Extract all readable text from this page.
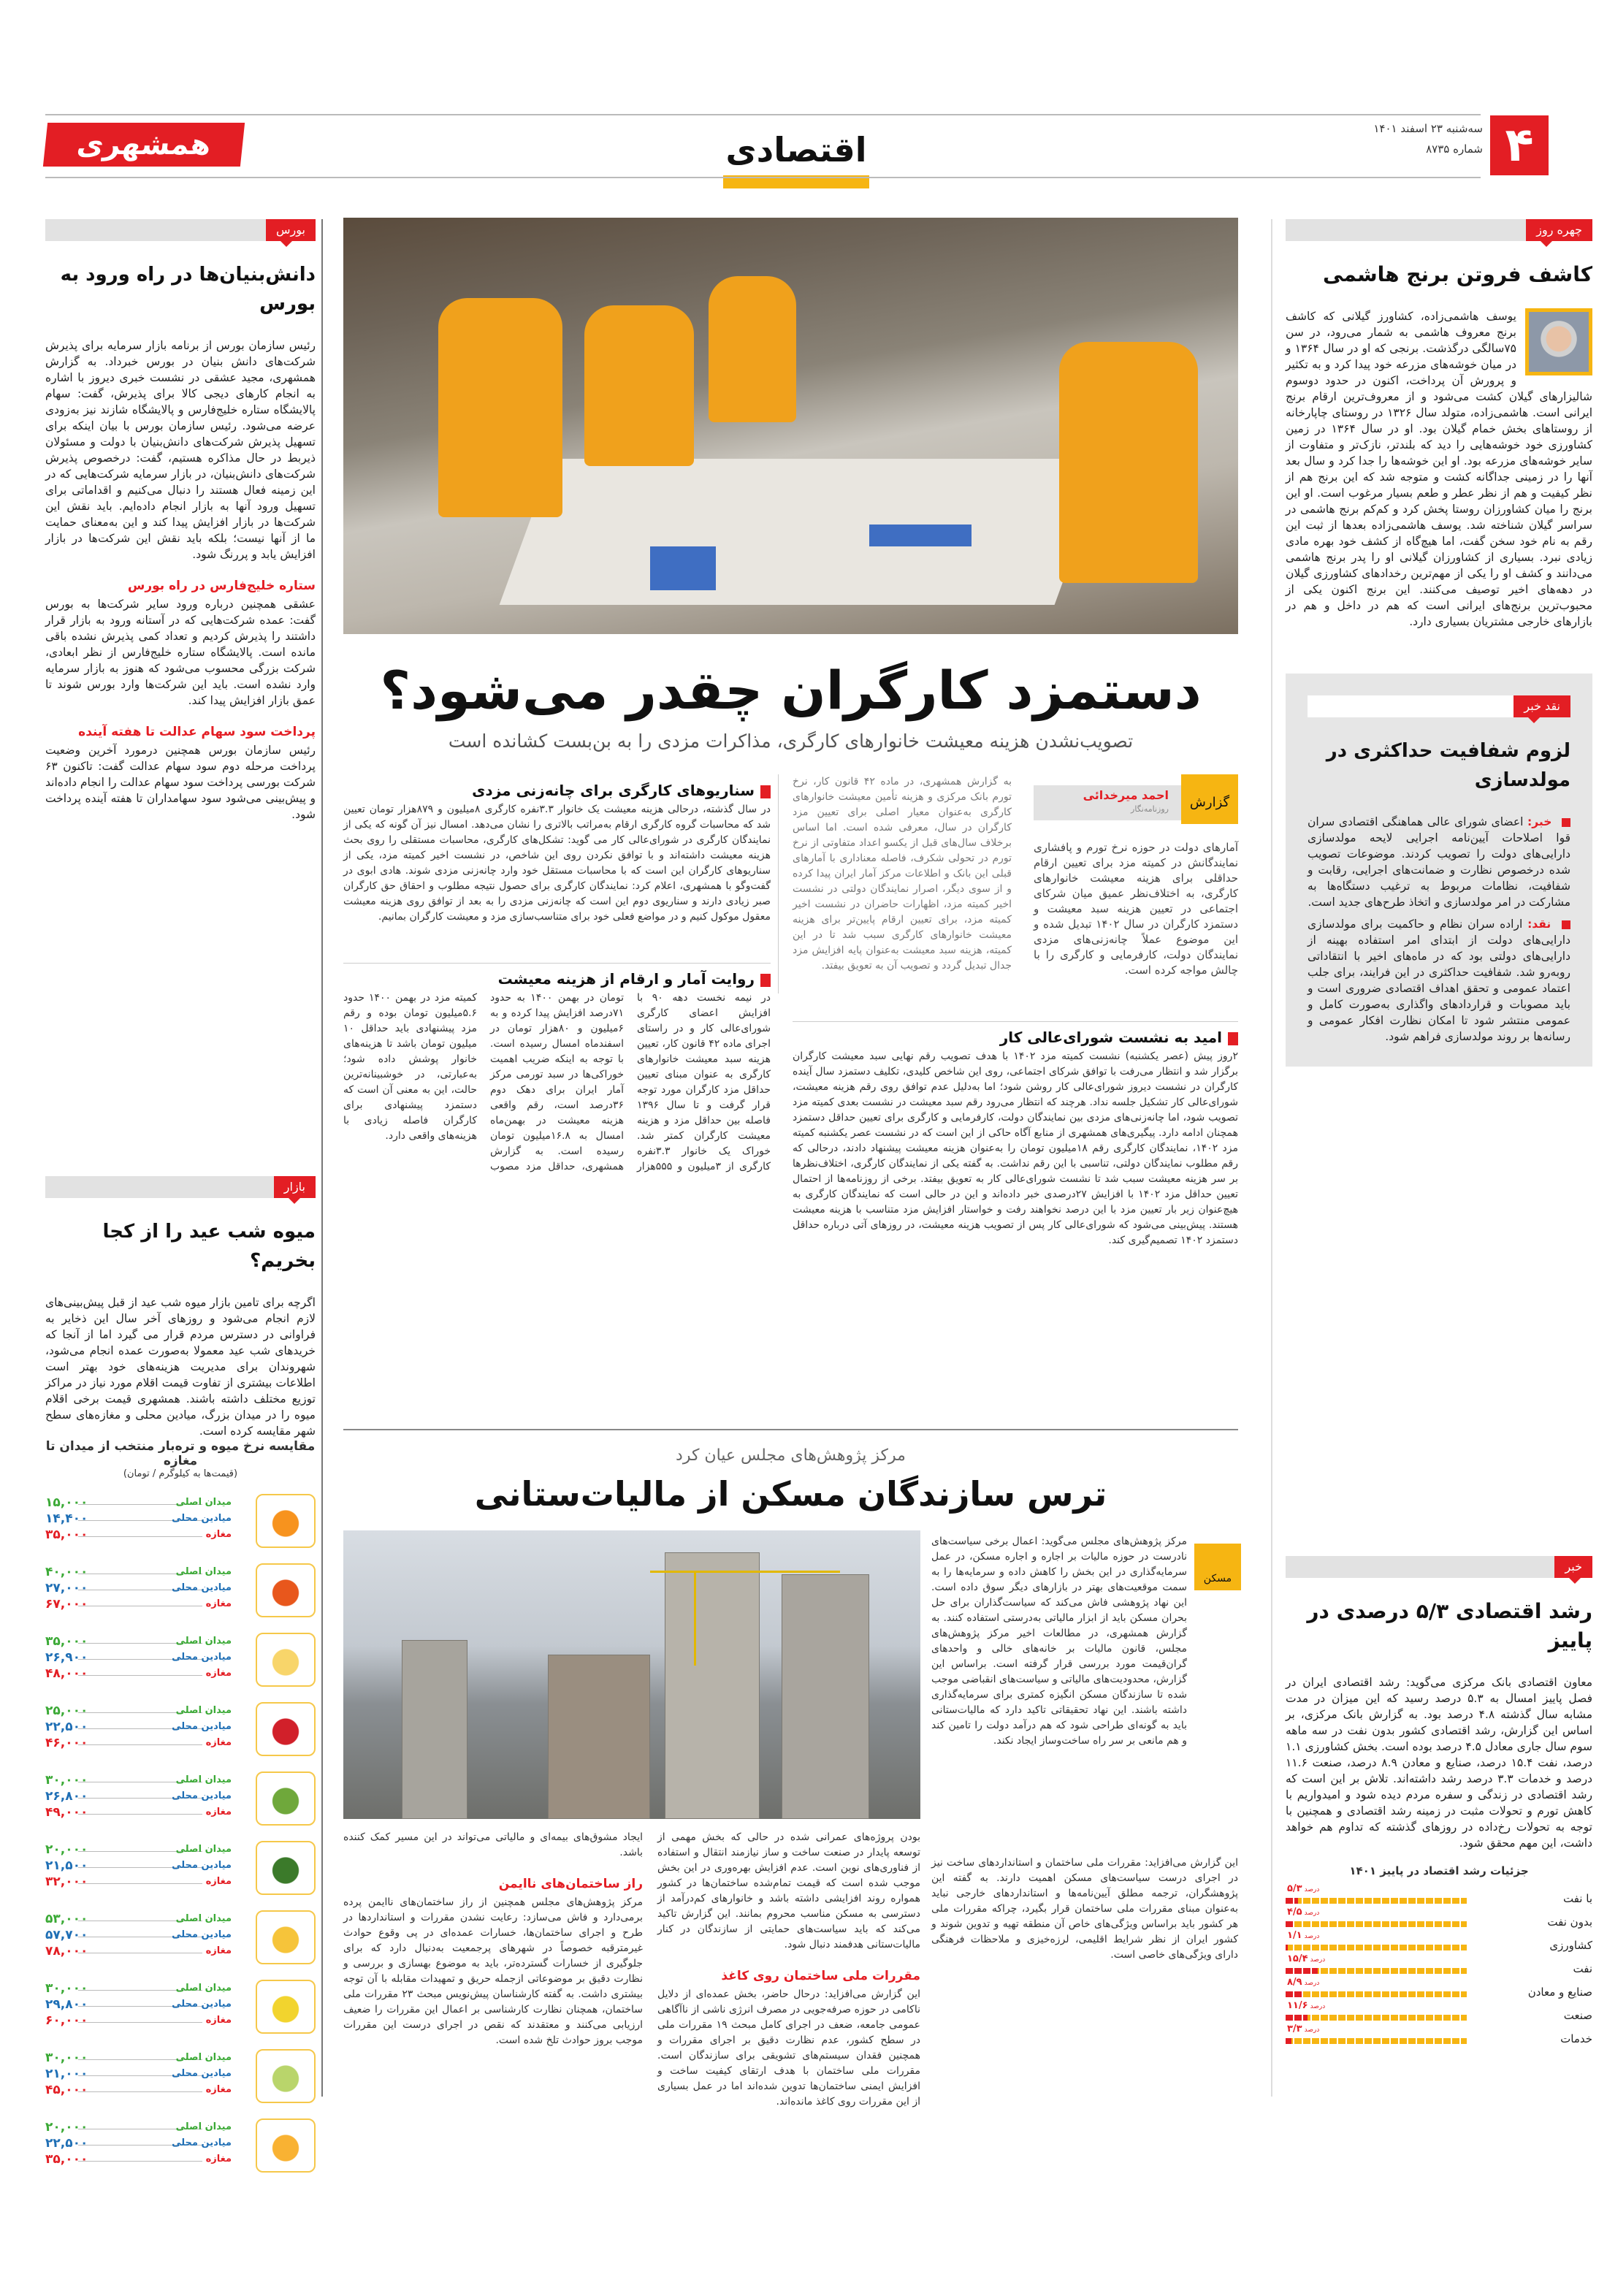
۴
سه‌شنبه ۲۳ اسفند ۱۴۰۱
شماره ۸۷۳۵
اقتصادی
همشهری
چهره روز
کاشف فروتن برنج هاشمی

یوسف هاشمی‌زاده، کشاورز گیلانی که کاشف برنج معروف هاشمی به شمار می‌رود، در سن ۷۵سالگی درگذشت. برنجی که او در سال ۱۳۶۴ و در میان خوشه‌های مزرعه خود پیدا کرد و به تکثیر و پرورش آن پرداخت، اکنون در حدود دوسوم شالیزارهای گیلان کشت می‌شود و از معروف‌ترین ارقام برنج ایرانی است. هاشمی‌زاده، متولد سال ۱۳۲۶ در روستای چاپارخانه از روستاهای بخش خمام گیلان بود. او در سال ۱۳۶۴ در زمین کشاورزی خود خوشه‌هایی را دید که بلندتر، نازک‌تر و متفاوت از سایر خوشه‌های مزرعه بود. او این خوشه‌ها را جدا کرد و سال بعد آنها را در زمینی جداگانه کشت و متوجه شد که این برنج هم از نظر کیفیت و هم از نظر عطر و طعم بسیار مرغوب است. او این برنج را میان کشاورزان روستا پخش کرد و کم‌کم برنج هاشمی در سراسر گیلان شناخته شد. یوسف هاشمی‌زاده بعدها از ثبت این رقم به نام خود سخن گفت، اما هیچ‌گاه از کشف خود بهره مادی زیادی نبرد. بسیاری از کشاورزان گیلانی او را پدر برنج هاشمی می‌دانند و کشف او را یکی از مهم‌ترین رخدادهای کشاورزی گیلان در دهه‌های اخیر توصیف می‌کنند. این برنج اکنون یکی از محبوب‌ترین برنج‌های ایرانی است که هم در داخل و هم در بازارهای خارجی مشتریان بسیاری دارد.

نقد خبر
لزوم شفافیت حداکثری در مولدسازی

خبر: اعضای شورای عالی هماهنگی اقتصادی سران قوا اصلاحات آیین‌نامه اجرایی لایحه مولدسازی دارایی‌های دولت را تصویب کردند. موضوعات تصویب شده درخصوص نظارت و ضمانت‌های اجرایی، رقابت و شفافیت، نظامات مربوط به ترغیب دستگاه‌ها به مشارکت در امر مولدسازی و اتخاذ طرح‌های جدید است.

نقد: اراده سران نظام و حاکمیت برای مولدسازی دارایی‌های دولت از ابتدای امر استفاده بهینه از دارایی‌های دولتی بود که در ماه‌های اخیر با انتقاداتی روبه‌رو شد. شفافیت حداکثری در این فرایند، برای جلب اعتماد عمومی و تحقق اهداف اقتصادی ضروری است و باید مصوبات و قراردادهای واگذاری به‌صورت کامل و عمومی منتشر شود تا امکان نظارت افکار عمومی و رسانه‌ها بر روند مولدسازی فراهم شود.

خبر
رشد اقتصادی ۵/۳ درصدی در پاییز

معاون اقتصادی بانک مرکزی می‌گوید: رشد اقتصادی ایران در فصل پاییز امسال به ۵.۳ درصد رسید که این میزان در مدت مشابه سال گذشته ۴.۸ درصد بود. به گزارش بانک مرکزی، بر اساس این گزارش، رشد اقتصادی کشور بدون نفت در سه ماهه سوم سال جاری معادل ۴.۵ درصد بوده است. بخش کشاورزی ۱.۱ درصد، نفت ۱۵.۴ درصد، صنایع و معادن ۸.۹ درصد، صنعت ۱۱.۶ درصد و خدمات ۳.۳ درصد رشد داشته‌اند. تلاش بر این است که رشد اقتصادی در زندگی و سفره مردم دیده شود و امیدواریم با کاهش تورم و تحولات مثبت در زمینه رشد اقتصادی و همچنین با توجه به تحولات رخ‌داده در روزهای گذشته که تداوم هم خواهد داشت، این مهم محقق شود.

جزئیات رشد اقتصاد در پاییز ۱۴۰۱
با نفت
درصد۵/۳
بدون نفت
درصد۴/۵
کشاورزی
درصد۱/۱
نفت
درصد۱۵/۴
صنایع و معادن
درصد۸/۹
صنعت
درصد۱۱/۶
خدمات
درصد۳/۳
بورس
دانش‌بنیان‌ها در راه ورود به بورس

رئیس سازمان بورس از برنامه بازار سرمایه برای پذیرش شرکت‌های دانش بنیان در بورس خبرداد. به گزارش همشهری، مجید عشقی در نشست خبری دیروز با اشاره به انجام کارهای دیجی کالا برای پذیرش، گفت: سهام پالایشگاه ستاره خلیج‌فارس و پالایشگاه شازند نیز به‌زودی عرضه می‌شود. رئیس سازمان بورس با بیان اینکه برای تسهیل پذیرش شرکت‌های دانش‌بنیان با دولت و مسئولان ذیربط در حال مذاکره هستیم، گفت: درخصوص پذیرش شرکت‌های دانش‌بنیان، در بازار سرمایه شرکت‌هایی که در این زمینه فعال هستند را دنبال می‌کنیم و اقداماتی برای تسهیل ورود آنها به بازار انجام داده‌ایم. باید نقش این شرکت‌ها در بازار افزایش پیدا کند و این به‌معنای حمایت ما از آنها نیست؛ بلکه باید نقش این شرکت‌ها در بازار افزایش یابد و پررنگ شود.

ستاره خلیج‌فارس در راه بورس

عشقی همچنین درباره ورود سایر شرکت‌ها به بورس گفت: عمده شرکت‌هایی که در آستانه ورود به بازار قرار داشتند را پذیرش کردیم و تعداد کمی پذیرش نشده باقی مانده است. پالایشگاه ستاره خلیج‌فارس از نظر ابعادی، شرکت بزرگی محسوب می‌شود که هنوز به بازار سرمایه وارد نشده است. باید این شرکت‌ها وارد بورس شوند تا عمق بازار افزایش پیدا کند.

پرداخت سود سهام عدالت تا هفته آینده

رئیس سازمان بورس همچنین درمورد آخرین وضعیت پرداخت مرحله دوم سود سهام عدالت گفت: تاکنون ۶۳ شرکت بورسی پرداخت سود سهام عدالت را انجام داده‌اند و پیش‌بینی می‌شود سود سهامداران تا هفته آینده پرداخت شود.

بازار
میوه شب عید را از کجا بخریم؟

اگرچه برای تامین بازار میوه شب عید از قبل پیش‌بینی‌های لازم انجام می‌شود و روزهای آخر سال این ذخایر به فراوانی در دسترس مردم قرار می گیرد اما از آنجا که خریدهای شب عید معمولا به‌صورت عمده انجام می‌شود، شهروندان برای مدیریت هزینه‌های خود بهتر است اطلاعات بیشتری از تفاوت قیمت اقلام مورد نیاز در مراکز توزیع مختلف داشته باشند. همشهری قیمت برخی اقلام میوه را در میدان بزرگ، میادین محلی و مغازه‌های سطح شهر مقایسه کرده است.

مقایسه نرخ میوه و تره‌بار منتخب از میدان تا مغازه
(قیمت‌ها به کیلوگرم / تومان)
میدان اصلی
۱۵,۰۰۰
میادین محلی
۱۴,۴۰۰
مغازه
۳۵,۰۰۰
میدان اصلی
۴۰,۰۰۰
میادین محلی
۲۷,۰۰۰
مغازه
۶۷,۰۰۰
میدان اصلی
۳۵,۰۰۰
میادین محلی
۲۶,۹۰۰
مغازه
۴۸,۰۰۰
میدان اصلی
۲۵,۰۰۰
میادین محلی
۲۲,۵۰۰
مغازه
۴۶,۰۰۰
میدان اصلی
۳۰,۰۰۰
میادین محلی
۲۶,۸۰۰
مغازه
۴۹,۰۰۰
میدان اصلی
۲۰,۰۰۰
میادین محلی
۲۱,۵۰۰
مغازه
۳۲,۰۰۰
میدان اصلی
۵۳,۰۰۰
میادین محلی
۵۷,۷۰۰
مغازه
۷۸,۰۰۰
میدان اصلی
۳۰,۰۰۰
میادین محلی
۲۹,۸۰۰
مغازه
۶۰,۰۰۰
میدان اصلی
۳۰,۰۰۰
میادین محلی
۲۱,۰۰۰
مغازه
۴۵,۰۰۰
میدان اصلی
۲۰,۰۰۰
میادین محلی
۲۲,۵۰۰
مغازه
۳۵,۰۰۰
دستمزد کارگران چقدر می‌شود؟
تصویب‌نشدن هزینه معیشت خانوارهای کارگری، مذاکرات مزدی را به بن‌بست کشانده است
گزارش
احمد میرخدائی
روزنامه‌نگار
آمارهای دولت در حوزه نرخ تورم و پافشاری نمایندگانش در کمیته مزد برای تعیین ارقام حداقلی برای هزینه معیشت خانوارهای کارگری، به اختلاف‌نظر عمیق میان شرکای اجتماعی در تعیین هزینه سبد معیشت و دستمزد کارگران در سال ۱۴۰۲ تبدیل شده و این موضوع عملاً چانه‌زنی‌های مزدی نمایندگان دولت، کارفرمایی و کارگری را با چالش مواجه کرده است.
به گزارش همشهری، در ماده ۴۲ قانون کار، نرخ تورم بانک مرکزی و هزینه تأمین معیشت خانوارهای کارگری به‌عنوان معیار اصلی برای تعیین مزد کارگران در سال، معرفی شده است. اما اساس برخلاف سال‌های قبل از یکسو اعداد متفاوتی از نرخ تورم در تحولی شکرف، فاصله معناداری با آمارهای قبلی این بانک و اطلاعات مرکز آمار ایران پیدا کرده و از سوی دیگر، اصرار نمایندگان دولتی در نشست اخیر کمیته مزد، اظهارات حاضران در نشست اخیر کمیته مزد، برای تعیین ارقام پایین‌تر برای هزینه معیشت خانوارهای کارگری سبب شد تا در این کمیته، هزینه سبد معیشت به‌عنوان پایه افزایش مزد جدال تبدیل گردد و تصویب آن به تعویق بیفتد.
سناریوهای کارگری برای چانه‌زنی مزدی
در سال گذشته، درحالی هزینه معیشت یک خانوار ۳.۳نفره کارگری ۸میلیون و ۸۷۹هزار تومان تعیین شد که محاسبات گروه کارگری ارقام به‌مراتب بالاتری را نشان می‌دهد. امسال نیز آن گونه که یکی از نمایندگان کارگری در شورای‌عالی کار می گوید: تشکل‌های کارگری، محاسبات مستقلی را روی بحث هزینه معیشت داشته‌اند و با توافق نکردن روی این شاخص، در نشست اخیر کمیته مزد، یکی از سناریوهای کارگران این است که با محاسبات مستقل خود وارد چانه‌زنی مزدی شوند. هادی ابوی در گفت‌وگو با همشهری، اعلام کرد: نمایندگان کارگری برای حصول نتیجه مطلوب و احقاق حق کارگران صبر زیادی دارند و سناریوی دوم این است که چانه‌زنی مزدی را به بعد از توافق روی هزینه معیشت معقول موکول کنیم و در مواضع فعلی خود برای متناسب‌سازی مزد و معیشت کارگران بمانیم.
روایت آمار و ارقام از هزینه معیشت
در نیمه نخست دهه ۹۰ با افزایش اعضای کارگری شورای‌عالی کار و در راستای اجرای ماده ۴۲ قانون کار، تعیین هزینه سبد معیشت خانوارهای کارگری به عنوان مبنای تعیین حداقل مزد کارگران مورد توجه قرار گرفت و تا سال ۱۳۹۶ فاصله بین حداقل مزد و هزینه معیشت کارگران کمتر شد. خوراک یک خانوار ۳.۳نفره کارگری از ۳میلیون و ۵۵۵هزار تومان در بهمن ۱۴۰۰ به حدود ۷۱درصد افزایش پیدا کرده و به ۶میلیون و ۸۰هزار تومان در اسفندماه امسال رسیده است. با توجه به اینکه ضریب اهمیت خوراکی‌ها در سبد تورمی مرکز آمار ایران برای دهک دوم ۳۶درصد است، رقم واقعی هزینه معیشت در بهمن‌ماه امسال به ۱۶.۸میلیون تومان رسیده است. به گزارش همشهری، حداقل مزد مصوب کمیته مزد در بهمن ۱۴۰۰ حدود ۵.۶میلیون تومان بوده و رقم مزد پیشنهادی باید حداقل ۱۰ میلیون تومان باشد تا هزینه‌های خانوار پوشش داده شود؛ به‌عبارتی، در خوشبینانه‌ترین حالت، این به معنی آن است که دستمزد پیشنهادی برای کارگران فاصله زیادی با هزینه‌های واقعی دارد.
امید به نشست شورای‌عالی کار
۲روز پیش (عصر یکشنبه) نشست کمیته مزد ۱۴۰۲ با هدف تصویب رقم نهایی سبد معیشت کارگران برگزار شد و انتظار می‌رفت با توافق شرکای اجتماعی، روی این شاخص کلیدی، تکلیف دستمزد سال آینده کارگران در نشست دیروز شورای‌عالی کار روشن شود؛ اما به‌دلیل عدم توافق روی رقم هزینه معیشت، شورای‌عالی کار تشکیل جلسه نداد. هرچند که انتظار می‌رود رقم سبد معیشت در نشست بعدی کمیته مزد تصویب شود، اما چانه‌زنی‌های مزدی بین نمایندگان دولت، کارفرمایی و کارگری برای تعیین حداقل دستمزد همچنان ادامه دارد. پیگیری‌های همشهری از منابع آگاه حاکی از این است که در نشست عصر یکشنبه کمیته مزد ۱۴۰۲، نمایندگان کارگری رقم ۱۸میلیون تومان را به‌عنوان هزینه معیشت پیشنهاد دادند، درحالی که رقم مطلوب نمایندگان دولتی، تناسبی با این رقم نداشت. به گفته یکی از نمایندگان کارگری، اختلاف‌نظرها بر سر هزینه معیشت سبب شد تا نشست شورای‌عالی کار به تعویق بیفتد. برخی از روزنامه‌ها از احتمال تعیین حداقل مزد ۱۴۰۲ با افزایش ۲۷درصدی خبر داده‌اند و این در حالی است که نمایندگان کارگری به هیچ‌عنوان زیر بار تعیین مزد با این درصد نخواهند رفت و خواستار افزایش مزد متناسب با هزینه معیشت هستند. پیش‌بینی می‌شود که شورای‌عالی کار پس از تصویب هزینه معیشت، در روزهای آتی درباره حداقل دستمزد ۱۴۰۲ تصمیم‌گیری کند.
مرکز پژوهش‌های مجلس عیان کرد
ترس سازندگان مسکن از مالیات‌ستانی
مسکن
مرکز پژوهش‌های مجلس می‌گوید: اعمال برخی سیاست‌های نادرست در حوزه مالیات بر اجاره و اجاره مسکن، در عمل سرمایه‌گذاری در این بخش را کاهش داده و سرمایه‌ها را به سمت موقعیت‌های بهتر در بازارهای دیگر سوق داده است. این نهاد پژوهشی فاش می‌کند که سیاست‌گذاران برای حل بحران مسکن باید از ابزار مالیاتی به‌درستی استفاده کنند. به گزارش همشهری، در مطالعات اخیر مرکز پژوهش‌های مجلس، قانون مالیات بر خانه‌های خالی و واحدهای گران‌قیمت مورد بررسی قرار گرفته است. براساس این گزارش، محدودیت‌های مالیاتی و سیاست‌های انقباضی موجب شده تا سازندگان مسکن انگیزه کمتری برای سرمایه‌گذاری داشته باشند. این نهاد تحقیقاتی تاکید دارد که مالیات‌ستانی باید به گونه‌ای طراحی شود که هم درآمد دولت را تامین کند و هم مانعی بر سر راه ساخت‌وساز ایجاد نکند.
این گزارش می‌افزاید: مقررات ملی ساختمان و استانداردهای ساخت نیز در اجرای درست سیاست‌های مسکن اهمیت دارند. به گفته این پژوهشگران، ترجمه مطلق آیین‌نامه‌ها و استانداردهای خارجی نباید به‌عنوان مبنای مقررات ملی ساختمان قرار بگیرد، چراکه مقررات ملی هر کشور باید براساس ویژگی‌های خاص آن منطقه تهیه و تدوین شوند و کشور ایران از نظر شرایط اقلیمی، لرزه‌خیزی و ملاحظات فرهنگی دارای ویژگی‌های خاصی است.
بودن پروژه‌های عمرانی شده در حالی که بخش مهمی از توسعه پایدار در صنعت ساخت و ساز نیازمند انتقال و استفاده از فناوری‌های نوین است. عدم افزایش بهره‌وری در این بخش موجب شده است که قیمت تمام‌شده ساختمان‌ها در کشور همواره روند افزایشی داشته باشد و خانوارهای کم‌درآمد از دسترسی به مسکن مناسب محروم بمانند. این گزارش تاکید می‌کند که باید سیاست‌های حمایتی از سازندگان در کنار مالیات‌ستانی هدفمند دنبال شود.
مقررات ملی ساختمان روی کاغذ
این گزارش می‌افزاید: درحال حاضر، بخش عمده‌ای از دلایل ناکامی در حوزه صرفه‌جویی در مصرف انرژی ناشی از ناآگاهی عمومی جامعه، ضعف در اجرای کامل مبحث ۱۹ مقررات ملی در سطح کشور، عدم نظارت دقیق بر اجرای مقررات و همچنین فقدان سیستم‌های تشویقی برای سازندگان است. مقررات ملی ساختمان با هدف ارتقای کیفیت ساخت و افزایش ایمنی ساختمان‌ها تدوین شده‌اند اما در عمل بسیاری از این مقررات روی کاغذ مانده‌اند.
ایجاد مشوق‌های بیمه‌ای و مالیاتی می‌تواند در این مسیر کمک کننده باشد.
راز ساختمان‌های ناایمن
مرکز پژوهش‌های مجلس همچنین از راز ساختمان‌های ناایمن پرده برمی‌دارد و فاش می‌سازد: رعایت نشدن مقررات و استانداردها در طرح و اجرای ساختمان‌ها، خسارات عمده‌ای در پی وقوع حوادث غیرمترقبه خصوصاً در شهرهای پرجمعیت به‌دنبال دارد که برای جلوگیری از خسارات گسترده‌تر، باید به موضوع بهسازی و بررسی و نظارت دقیق بر موضوعاتی ازجمله حریق و تمهیدات مقابله با آن توجه بیشتری داشت. به گفته کارشناسان پیش‌نویس مبحث ۲۳ مقررات ملی ساختمان، همچنان نظارت کارشناسی بر اعمال این مقررات را ضعیف ارزیابی می‌کنند و معتقدند که نقص در اجرای درست این مقررات موجب بروز حوادث تلخ شده است.
